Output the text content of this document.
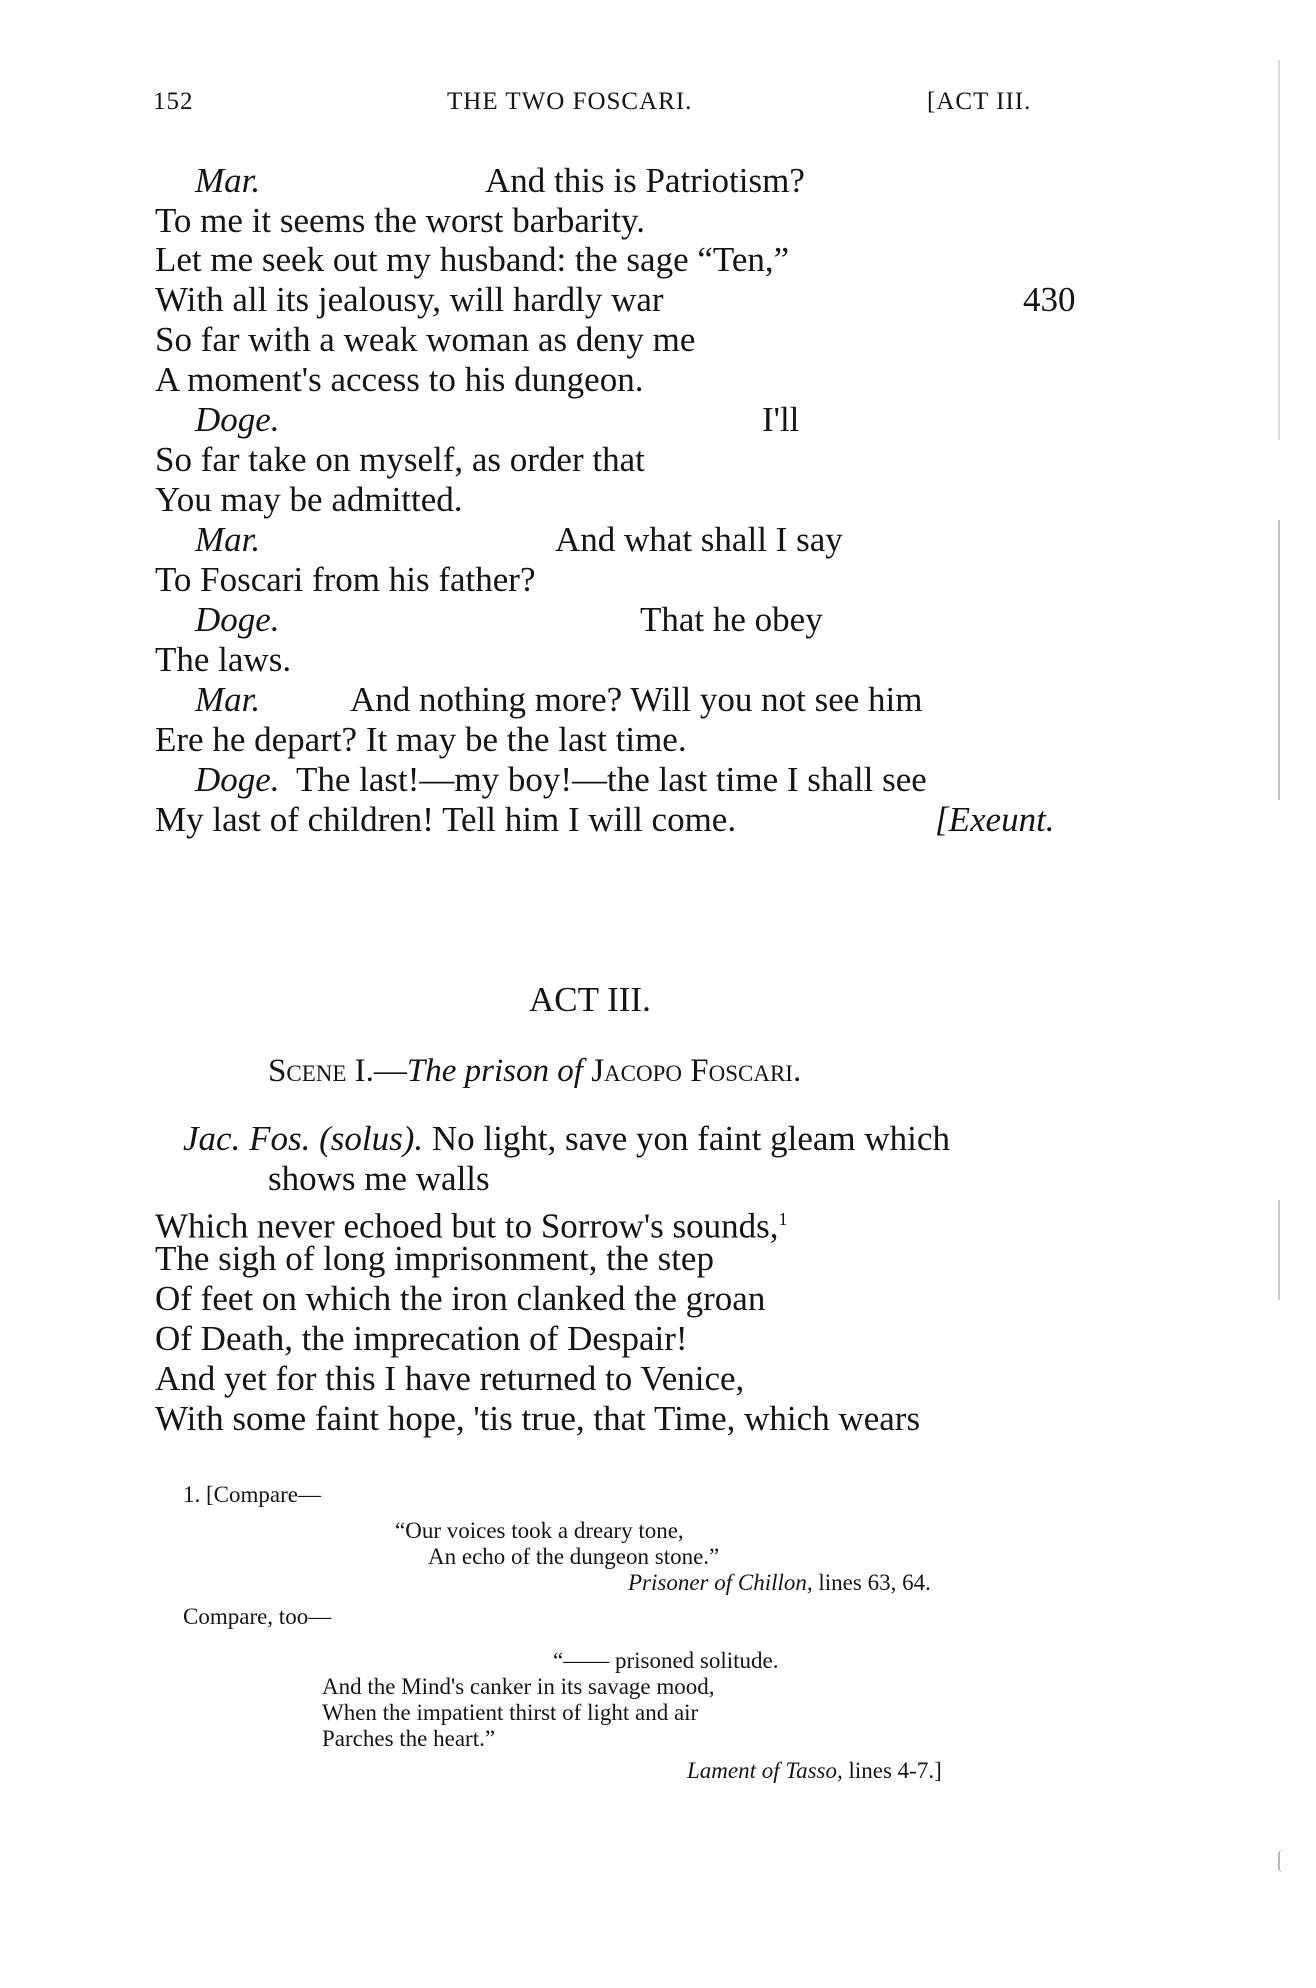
152	THE TWO FOSCARI.	[ACT III.
Mar.	And this is Patriotism?
To me it seems the worst barbarity.
Let me seek out my husband: the sage “Ten,”
With all its jealousy, will hardly war	430
So far with a weak woman as deny me
A moment's access to his dungeon.
Doge.	I'll
So far take on myself, as order that
You may be admitted.
Mar.	And what shall I say
To Foscari from his father?
Doge.	That he obey
The laws.
Mar.	And nothing more? Will you not see him
Ere he depart? It may be the last time.
Doge. The last!—my boy!—the last time I shall see
My last of children! Tell him I will come.	[Exeunt.
ACT III.
Scene I.—The prison of Jacopo Foscari.
Jac. Fos. (solus). No light, save yon faint gleam which
shows me walls
Which never echoed but to Sorrow's sounds,$^1$
The sigh of long imprisonment, the step
Of feet on which the iron clanked the groan
Of Death, the imprecation of Despair!
And yet for this I have returned to Venice,
With some faint hope, 'tis true, that Time, which wears
1. [Compare—
“Our voices took a dreary tone,
An echo of the dungeon stone.”
Prisoner of Chillon, lines 63, 64.
Compare, too—
“—— prisoned solitude.
And the Mind's canker in its savage mood,
When the impatient thirst of light and air
Parches the heart.”
Lament of Tasso, lines 4-7.]
